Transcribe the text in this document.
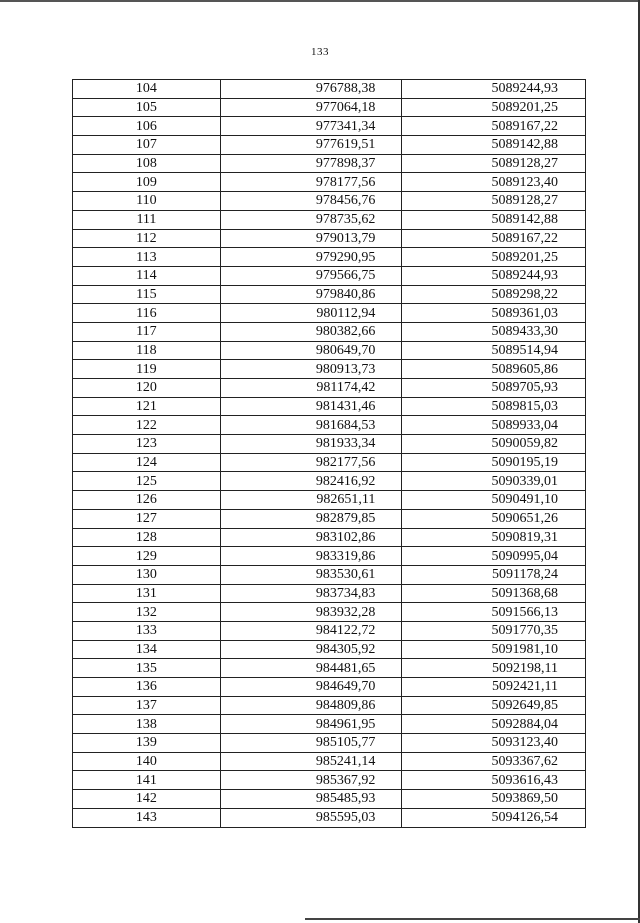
133
104	976788,38	5089244,93
105	977064,18	5089201,25
106	977341,34	5089167,22
107	977619,51	5089142,88
108	977898,37	5089128,27
109	978177,56	5089123,40
110	978456,76	5089128,27
111	978735,62	5089142,88
112	979013,79	5089167,22
113	979290,95	5089201,25
114	979566,75	5089244,93
115	979840,86	5089298,22
116	980112,94	5089361,03
117	980382,66	5089433,30
118	980649,70	5089514,94
119	980913,73	5089605,86
120	981174,42	5089705,93
121	981431,46	5089815,03
122	981684,53	5089933,04
123	981933,34	5090059,82
124	982177,56	5090195,19
125	982416,92	5090339,01
126	982651,11	5090491,10
127	982879,85	5090651,26
128	983102,86	5090819,31
129	983319,86	5090995,04
130	983530,61	5091178,24
131	983734,83	5091368,68
132	983932,28	5091566,13
133	984122,72	5091770,35
134	984305,92	5091981,10
135	984481,65	5092198,11
136	984649,70	5092421,11
137	984809,86	5092649,85
138	984961,95	5092884,04
139	985105,77	5093123,40
140	985241,14	5093367,62
141	985367,92	5093616,43
142	985485,93	5093869,50
143	985595,03	5094126,54
